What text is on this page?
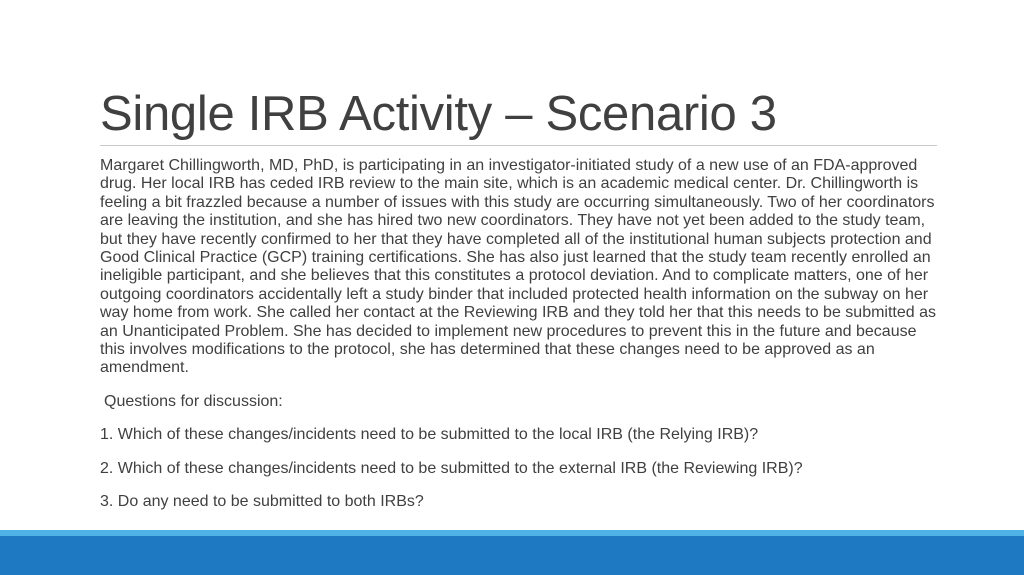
Single IRB Activity – Scenario 3

Margaret Chillingworth, MD, PhD, is participating in an investigator-initiated study of a new use of an FDA-approved drug. Her local IRB has ceded IRB review to the main site, which is an academic medical center. Dr. Chillingworth is feeling a bit frazzled because a number of issues with this study are occurring simultaneously. Two of her coordinators are leaving the institution, and she has hired two new coordinators. They have not yet been added to the study team, but they have recently confirmed to her that they have completed all of the institutional human subjects protection and Good Clinical Practice (GCP) training certifications. She has also just learned that the study team recently enrolled an ineligible participant, and she believes that this constitutes a protocol deviation. And to complicate matters, one of her outgoing coordinators accidentally left a study binder that included protected health information on the subway on her way home from work. She called her contact at the Reviewing IRB and they told her that this needs to be submitted as an Unanticipated Problem. She has decided to implement new procedures to prevent this in the future and because this involves modifications to the protocol, she has determined that these changes need to be approved as an amendment.

Questions for discussion:

1. Which of these changes/incidents need to be submitted to the local IRB (the Relying IRB)?

2. Which of these changes/incidents need to be submitted to the external IRB (the Reviewing IRB)?

3. Do any need to be submitted to both IRBs?
